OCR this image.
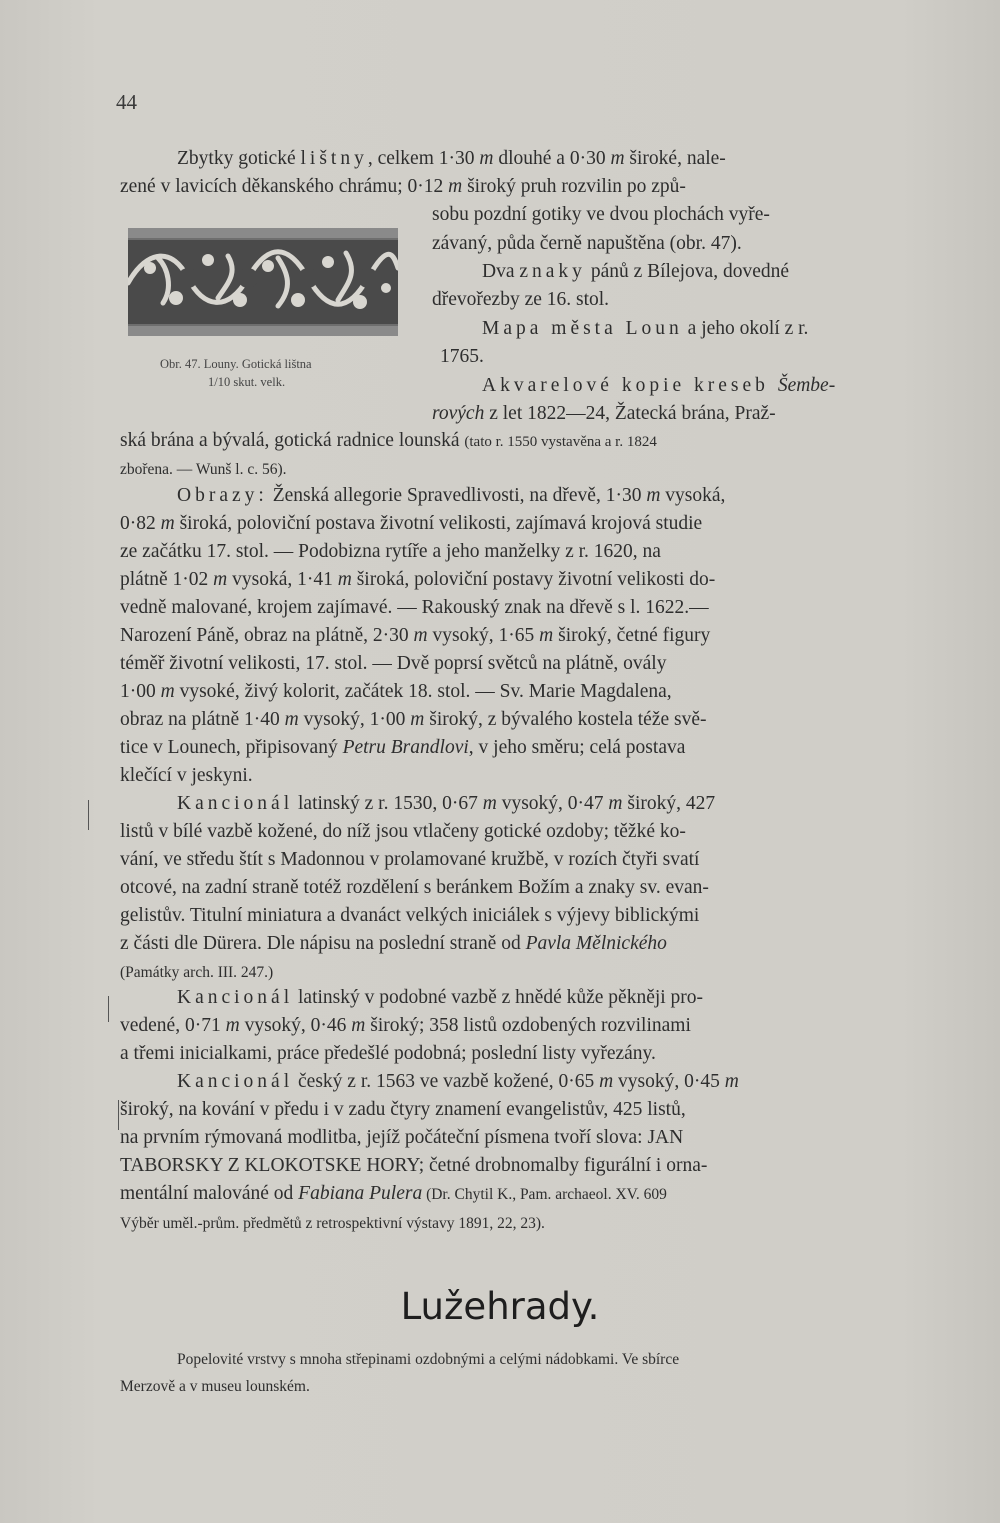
44
Obr. 47. Louny. Gotická lištna
1/10 skut. velk.
Zbytky gotické lištny, celkem 1·30 m dlouhé a 0·30 m široké, nale-
zené v lavicích děkanského chrámu; 0·12 m široký pruh rozvilin po způ-
sobu pozdní gotiky ve dvou plochách vyře-
závaný, půda černě napuštěna (obr. 47).
Dva znaky pánů z Bílejova, dovedné
dřevořezby ze 16. stol.
Mapa města Loun a jeho okolí z r.
1765.
Akvarelové kopie kreseb Šembe-
rových z let 1822—24, Žatecká brána, Praž-
ská brána a bývalá, gotická radnice lounská (tato r. 1550 vystavěna a r. 1824
zbořena. — Wunš l. c. 56).
Obrazy: Ženská allegorie Spravedlivosti, na dřevě, 1·30 m vysoká,
0·82 m široká, poloviční postava životní velikosti, zajímavá krojová studie
ze začátku 17. stol. — Podobizna rytíře a jeho manželky z r. 1620, na
plátně 1·02 m vysoká, 1·41 m široká, poloviční postavy životní velikosti do-
vedně malované, krojem zajímavé. — Rakouský znak na dřevě s l. 1622.—
Narození Páně, obraz na plátně, 2·30 m vysoký, 1·65 m široký, četné figury
téměř životní velikosti, 17. stol. — Dvě poprsí světců na plátně, ovály
1·00 m vysoké, živý kolorit, začátek 18. stol. — Sv. Marie Magdalena,
obraz na plátně 1·40 m vysoký, 1·00 m široký, z bývalého kostela téže svě-
tice v Lounech, připisovaný Petru Brandlovi, v jeho směru; celá postava
klečící v jeskyni.
Kancionál latinský z r. 1530, 0·67 m vysoký, 0·47 m široký, 427
listů v bílé vazbě kožené, do níž jsou vtlačeny gotické ozdoby; těžké ko-
vání, ve středu štít s Madonnou v prolamované kružbě, v rozích čtyři svatí
otcové, na zadní straně totéž rozdělení s beránkem Božím a znaky sv. evan-
gelistův. Titulní miniatura a dvanáct velkých iniciálek s výjevy biblickými
z části dle Dürera. Dle nápisu na poslední straně od Pavla Mělnického
(Památky arch. III. 247.)
Kancionál latinský v podobné vazbě z hnědé kůže pěkněji pro-
vedené, 0·71 m vysoký, 0·46 m široký; 358 listů ozdobených rozvilinami
a třemi inicialkami, práce předešlé podobná; poslední listy vyřezány.
Kancionál český z r. 1563 ve vazbě kožené, 0·65 m vysoký, 0·45 m
široký, na kování v předu i v zadu čtyry znamení evangelistův, 425 listů,
na prvním rýmovaná modlitba, jejíž počáteční písmena tvoří slova: JAN
TABORSKY Z KLOKOTSKE HORY; četné drobnomalby figurální i orna-
mentální malováné od Fabiana Pulera (Dr. Chytil K., Pam. archaeol. XV. 609
Výběr uměl.-prům. předmětů z retrospektivní výstavy 1891, 22, 23).
Lužehrady.
Popelovité vrstvy s mnoha střepinami ozdobnými a celými nádobkami. Ve sbírce
Merzově a v museu lounském.
